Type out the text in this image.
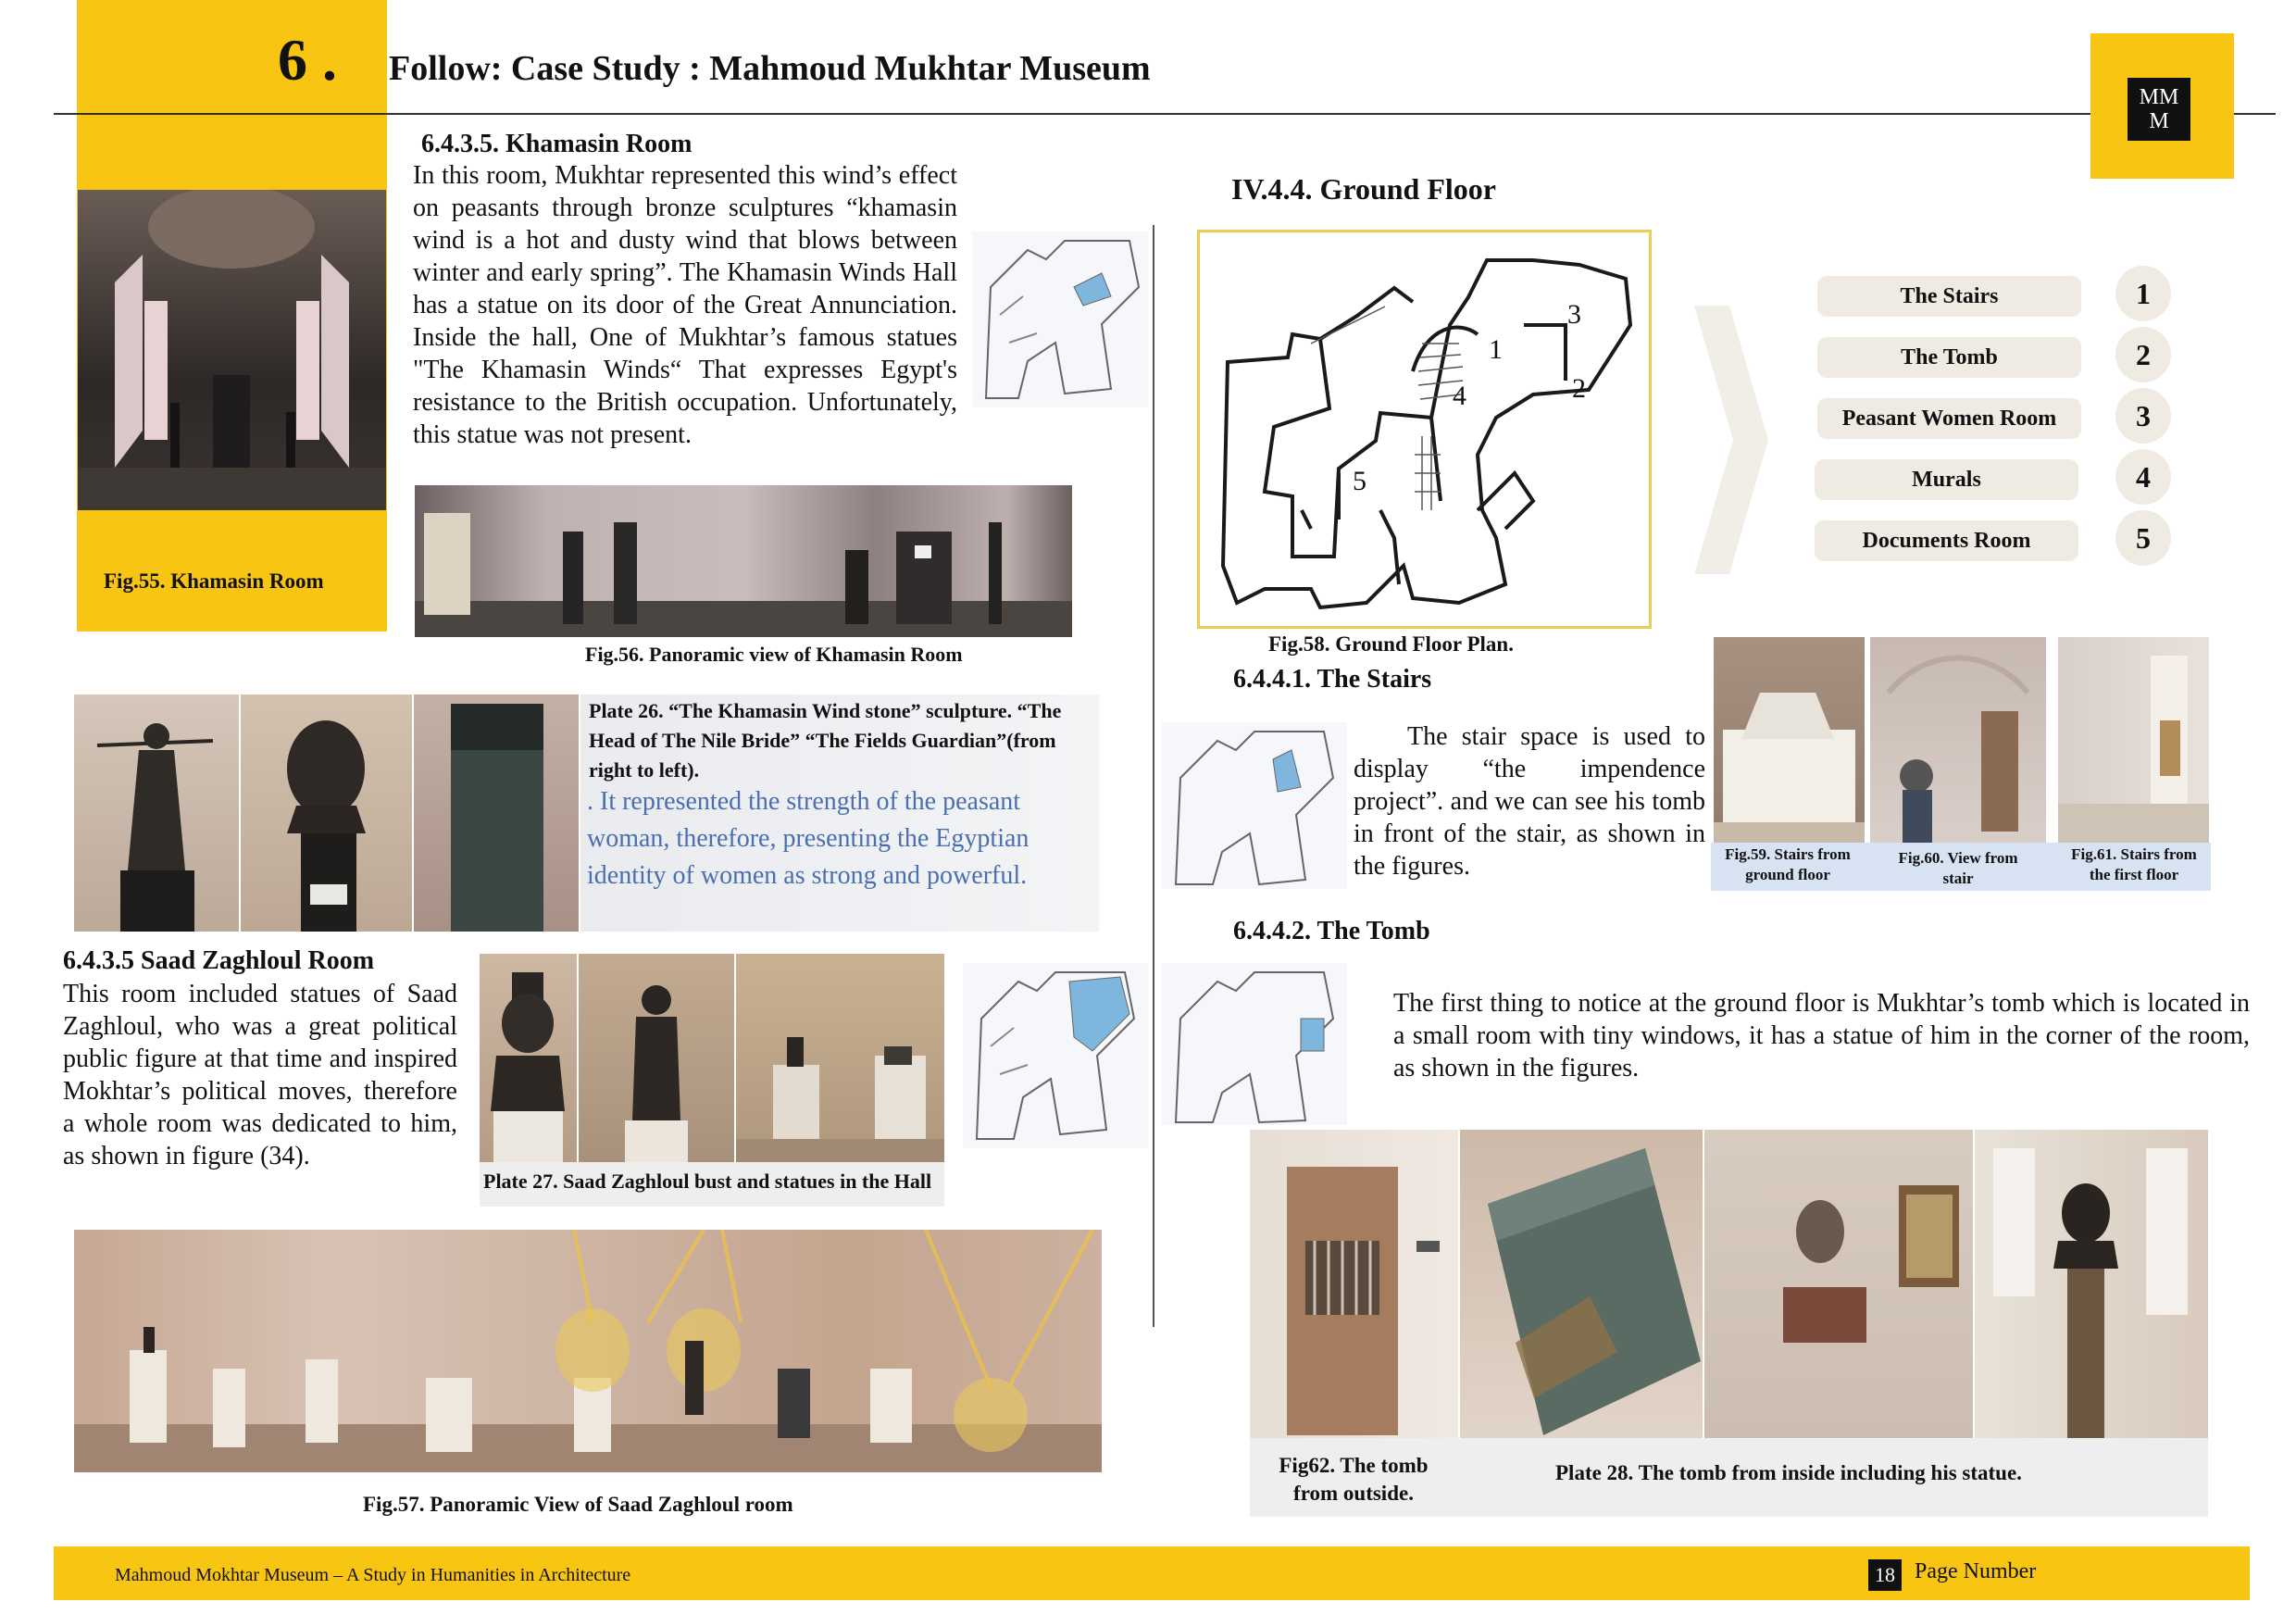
6 . Follow: Case Study : Mahmoud Mukhtar Museum
MM M
Fig.55. Khamasin Room
6.4.3.5. Khamasin Room
In this room, Mukhtar represented this wind’s effect on peasants through bronze sculptures “khamasin wind is a hot and dusty wind that blows between winter and early spring”. The Khamasin Winds Hall has a statue on its door of the Great Annunciation. Inside the hall, One of Mukhtar’s famous statues "The Khamasin Winds“ That expresses Egypt's resistance to the British occupation. Unfortunately, this statue was not present.
Fig.56. Panoramic view of Khamasin Room
Plate 26. “The Khamasin Wind stone” sculpture. “The Head of The Nile Bride” “The Fields Guardian”(from right to left).
. It represented the strength of the peasant woman, therefore, presenting the Egyptian identity of women as strong and powerful.
6.4.3.5 Saad Zaghloul Room
This room included statues of Saad Zaghloul, who was a great political public figure at that time and inspired Mokhtar’s political moves, therefore a whole room was dedicated to him, as shown in figure (34).
Plate 27. Saad Zaghloul bust and statues in the Hall
Fig.57. Panoramic View of Saad Zaghloul room
IV.4.4. Ground Floor
3
1
2
4
5
Fig.58. Ground Floor Plan.
The Stairs
The Tomb
Peasant Women Room
Murals
Documents Room
1
2
3
4
5
6.4.4.1. The Stairs
The stair space is used to display “the impendence project”. and we can see his tomb in front of the stair, as shown in the figures.	Fig.59. Stairs from ground floor
Fig.60. View from stair
Fig.61. Stairs from the first floor
6.4.4.2. The Tomb
The first thing to notice at the ground floor is Mukhtar’s tomb which is located in a small room with tiny windows, it has a statue of him in the corner of the room, as shown in the figures.
Fig62. The tomb from outside.
Plate 28. The tomb from inside including his statue.
Mahmoud Mokhtar Museum – A Study in Humanities in Architecture	18 Page Number
